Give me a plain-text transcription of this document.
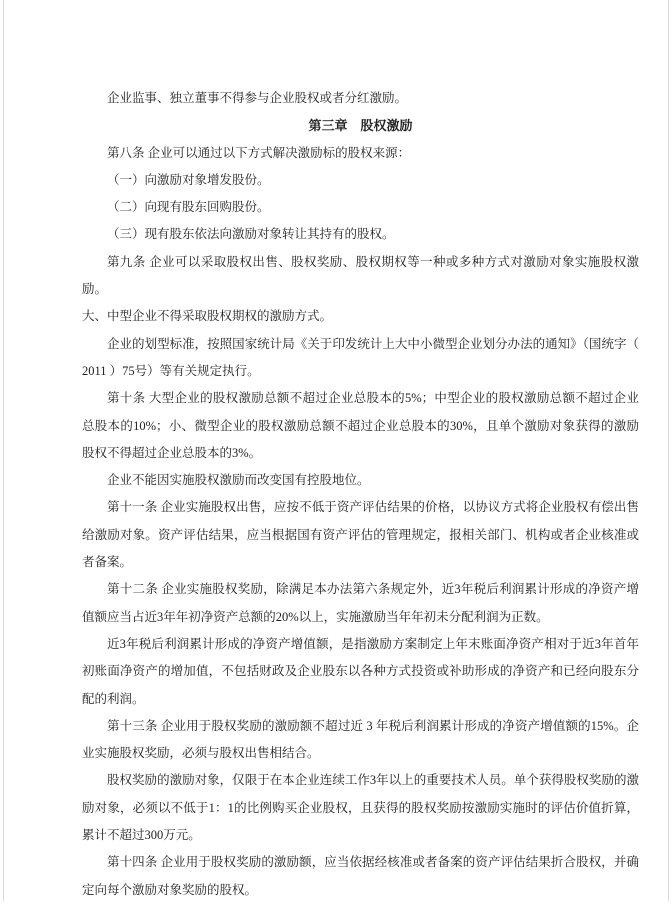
企业监事、独立董事不得参与企业股权或者分红激励。

第三章　股权激励

第八条 企业可以通过以下方式解决激励标的股权来源：

（一）向激励对象增发股份。

（二）向现有股东回购股份。

（三）现有股东依法向激励对象转让其持有的股权。

第九条 企业可以采取股权出售、股权奖励、股权期权等一种或多种方式对激励对象实施股权激励。

大、中型企业不得采取股权期权的激励方式。

企业的划型标准，按照国家统计局《关于印发统计上大中小微型企业划分办法的通知》（国统字（ 2011 ）75号）等有关规定执行。

第十条 大型企业的股权激励总额不超过企业总股本的5%；中型企业的股权激励总额不超过企业总股本的10%；小、微型企业的股权激励总额不超过企业总股本的30%，且单个激励对象获得的激励股权不得超过企业总股本的3%。

企业不能因实施股权激励而改变国有控股地位。

第十一条 企业实施股权出售，应按不低于资产评估结果的价格，以协议方式将企业股权有偿出售给激励对象。资产评估结果，应当根据国有资产评估的管理规定，报相关部门、机构或者企业核准或者备案。

第十二条 企业实施股权奖励，除满足本办法第六条规定外，近3年税后利润累计形成的净资产增值额应当占近3年年初净资产总额的20%以上，实施激励当年年初未分配利润为正数。

近3年税后利润累计形成的净资产增值额，是指激励方案制定上年末账面净资产相对于近3年首年初账面净资产的增加值，不包括财政及企业股东以各种方式投资或补助形成的净资产和已经向股东分配的利润。

第十三条 企业用于股权奖励的激励额不超过近 3 年税后利润累计形成的净资产增值额的15%。企业实施股权奖励，必须与股权出售相结合。

股权奖励的激励对象，仅限于在本企业连续工作3年以上的重要技术人员。单个获得股权奖励的激励对象，必须以不低于1：1的比例购买企业股权，且获得的股权奖励按激励实施时的评估价值折算，累计不超过300万元。

第十四条 企业用于股权奖励的激励额，应当依据经核准或者备案的资产评估结果折合股权，并确定向每个激励对象奖励的股权。
